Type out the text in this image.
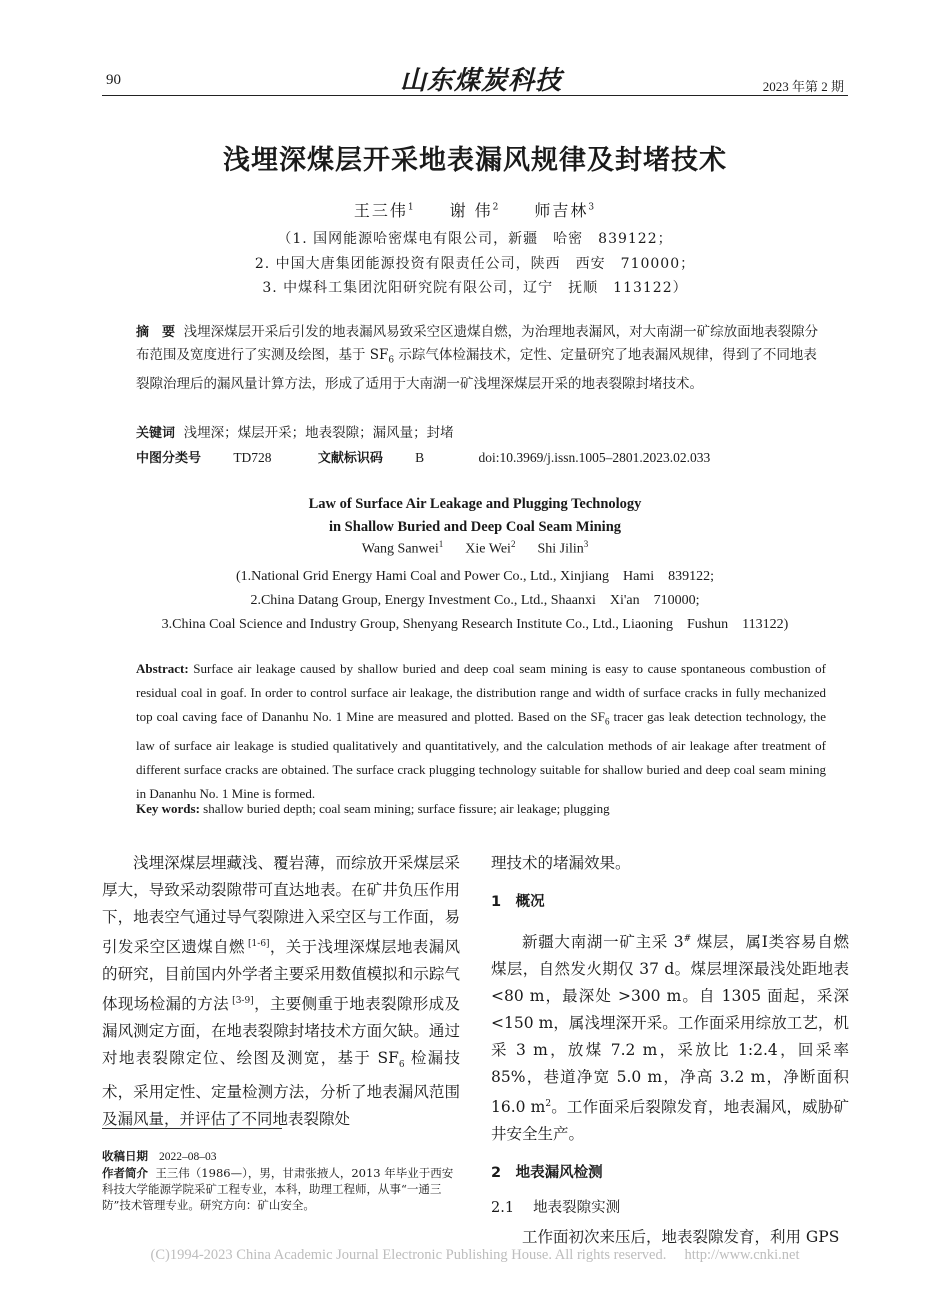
90	山东煤炭科技	2023 年第 2 期
浅埋深煤层开采地表漏风规律及封堵技术
王三伟$^1$ 谢 伟$^2$ 师吉林$^3$
（1. 国网能源哈密煤电有限公司，新疆　哈密　839122；
2. 中国大唐集团能源投资有限责任公司，陕西　西安　710000；
3. 中煤科工集团沈阳研究院有限公司，辽宁　抚顺　113122）
摘　要 浅埋深煤层开采后引发的地表漏风易致采空区遗煤自燃，为治理地表漏风，对大南湖一矿综放面地表裂隙分布范围及宽度进行了实测及绘图，基于 $SF_6$ 示踪气体检漏技术，定性、定量研究了地表漏风规律，得到了不同地表裂隙治理后的漏风量计算方法，形成了适用于大南湖一矿浅埋深煤层开采的地表裂隙封堵技术。
关键词 浅埋深；煤层开采；地表裂隙；漏风量；封堵
中图分类号 TD728	文献标识码 B	doi:10.3969/j.issn.1005–2801.2023.02.033
Law of Surface Air Leakage and Plugging Technology
in Shallow Buried and Deep Coal Seam Mining
Wang Sanwei$^1$ Xie Wei$^2$ Shi Jilin$^3$
(1.National Grid Energy Hami Coal and Power Co., Ltd., Xinjiang　Hami　839122;
2.China Datang Group, Energy Investment Co., Ltd., Shaanxi　Xi'an　710000;
3.China Coal Science and Industry Group, Shenyang Research Institute Co., Ltd., Liaoning　Fushun　113122)
Abstract: Surface air leakage caused by shallow buried and deep coal seam mining is easy to cause spontaneous combustion of residual coal in goaf. In order to control surface air leakage, the distribution range and width of surface cracks in fully mechanized top coal caving face of Dananhu No. 1 Mine are measured and plotted. Based on the $SF_6$ tracer gas leak detection technology, the law of surface air leakage is studied qualitatively and quantitatively, and the calculation methods of air leakage after treatment of different surface cracks are obtained. The surface crack plugging technology suitable for shallow buried and deep coal seam mining in Dananhu No. 1 Mine is formed.
Key words: shallow buried depth; coal seam mining; surface fissure; air leakage; plugging
浅埋深煤层埋藏浅、覆岩薄，而综放开采煤层采厚大，导致采动裂隙带可直达地表。在矿井负压作用下，地表空气通过导气裂隙进入采空区与工作面，易引发采空区遗煤自燃 [1-6]，关于浅埋深煤层地表漏风的研究，目前国内外学者主要采用数值模拟和示踪气体现场检漏的方法 [3-9]，主要侧重于地表裂隙形成及漏风测定方面，在地表裂隙封堵技术方面欠缺。通过对地表裂隙定位、绘图及测宽，基于 $SF_6$ 检漏技术，采用定性、定量检测方法，分析了地表漏风范围及漏风量，并评估了不同地表裂隙处
理技术的堵漏效果。
1　概况
新疆大南湖一矿主采 3# 煤层，属Ⅰ类容易自燃煤层，自然发火期仅 37 d。煤层埋深最浅处距地表 <80 m，最深处 >300 m。自 1305 面起，采深 <150 m，属浅埋深开采。工作面采用综放工艺，机采 3 m，放煤 7.2 m，采放比 1:2.4，回采率 85%，巷道净宽 5.0 m，净高 3.2 m，净断面积 16.0 $m^2$。工作面采后裂隙发育，地表漏风，威胁矿井安全生产。
2　地表漏风检测
2.1　 地表裂隙实测
工作面初次来压后，地表裂隙发育，利用 GPS
收稿日期 2022–08–03
作者简介 王三伟（1986—），男，甘肃张掖人，2013 年毕业于西安科技大学能源学院采矿工程专业，本科，助理工程师，从事“一通三防”技术管理专业。研究方向：矿山安全。
(C)1994-2023 China Academic Journal Electronic Publishing House. All rights reserved.　 http://www.cnki.net
